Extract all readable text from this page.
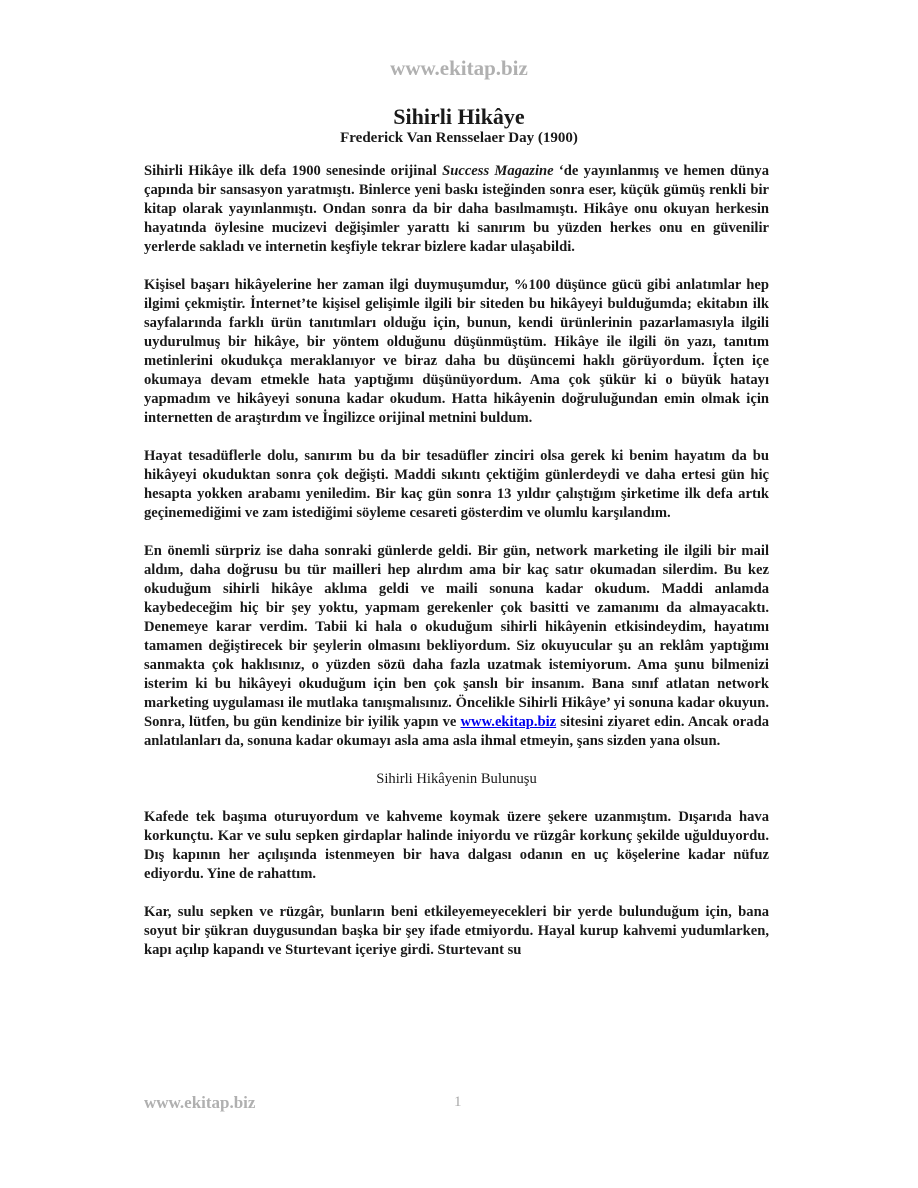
www.ekitap.biz
Sihirli Hikâye
Frederick Van Rensselaer Day (1900)

Sihirli Hikâye ilk defa 1900 senesinde orijinal Success Magazine ‘de yayınlanmış ve hemen dünya çapında bir sansasyon yaratmıştı. Binlerce yeni baskı isteğinden sonra eser, küçük gümüş renkli bir kitap olarak yayınlanmıştı. Ondan sonra da bir daha basılmamıştı. Hikâye onu okuyan herkesin hayatında öylesine mucizevi değişimler yarattı ki sanırım bu yüzden herkes onu en güvenilir yerlerde sakladı ve internetin keşfiyle tekrar bizlere kadar ulaşabildi.

Kişisel başarı hikâyelerine her zaman ilgi duymuşumdur, %100 düşünce gücü gibi anlatımlar hep ilgimi çekmiştir. İnternet’te kişisel gelişimle ilgili bir siteden bu hikâyeyi bulduğumda; ekitabın ilk sayfalarında farklı ürün tanıtımları olduğu için, bunun, kendi ürünlerinin pazarlamasıyla ilgili uydurulmuş bir hikâye, bir yöntem olduğunu düşünmüştüm. Hikâye ile ilgili ön yazı, tanıtım metinlerini okudukça meraklanıyor ve biraz daha bu düşüncemi haklı görüyordum. İçten içe okumaya devam etmekle hata yaptığımı düşünüyordum. Ama çok şükür ki o büyük hatayı yapmadım ve hikâyeyi sonuna kadar okudum. Hatta hikâyenin doğruluğundan emin olmak için internetten de araştırdım ve İngilizce orijinal metnini buldum.

Hayat tesadüflerle dolu, sanırım bu da bir tesadüfler zinciri olsa gerek ki benim hayatım da bu hikâyeyi okuduktan sonra çok değişti. Maddi sıkıntı çektiğim günlerdeydi ve daha ertesi gün hiç hesapta yokken arabamı yeniledim. Bir kaç gün sonra 13 yıldır çalıştığım şirketime ilk defa artık geçinemediğimi ve zam istediğimi söyleme cesareti gösterdim ve olumlu karşılandım.

En önemli sürpriz ise daha sonraki günlerde geldi. Bir gün, network marketing ile ilgili bir mail aldım, daha doğrusu bu tür mailleri hep alırdım ama bir kaç satır okumadan silerdim. Bu kez okuduğum sihirli hikâye aklıma geldi ve maili sonuna kadar okudum. Maddi anlamda kaybedeceğim hiç bir şey yoktu, yapmam gerekenler çok basitti ve zamanımı da almayacaktı. Denemeye karar verdim. Tabii ki hala o okuduğum sihirli hikâyenin etkisindeydim, hayatımı tamamen değiştirecek bir şeylerin olmasını bekliyordum. Siz okuyucular şu an reklâm yaptığımı sanmakta çok haklısınız, o yüzden sözü daha fazla uzatmak istemiyorum. Ama şunu bilmenizi isterim ki bu hikâyeyi okuduğum için ben çok şanslı bir insanım. Bana sınıf atlatan network marketing uygulaması ile mutlaka tanışmalısınız. Öncelikle Sihirli Hikâye’ yi sonuna kadar okuyun. Sonra, lütfen, bu gün kendinize bir iyilik yapın ve www.ekitap.biz sitesini ziyaret edin. Ancak orada anlatılanları da, sonuna kadar okumayı asla ama asla ihmal etmeyin, şans sizden yana olsun.

Sihirli Hikâyenin Bulunuşu

Kafede tek başıma oturuyordum ve kahveme koymak üzere şekere uzanmıştım. Dışarıda hava korkunçtu. Kar ve sulu sepken girdaplar halinde iniyordu ve rüzgâr korkunç şekilde uğulduyordu. Dış kapının her açılışında istenmeyen bir hava dalgası odanın en uç köşelerine kadar nüfuz ediyordu. Yine de rahattım.

Kar, sulu sepken ve rüzgâr, bunların beni etkileyemeyecekleri bir yerde bulunduğum için, bana soyut bir şükran duygusundan başka bir şey ifade etmiyordu. Hayal kurup kahvemi yudumlarken, kapı açılıp kapandı ve Sturtevant içeriye girdi. Sturtevant su

www.ekitap.biz	1
